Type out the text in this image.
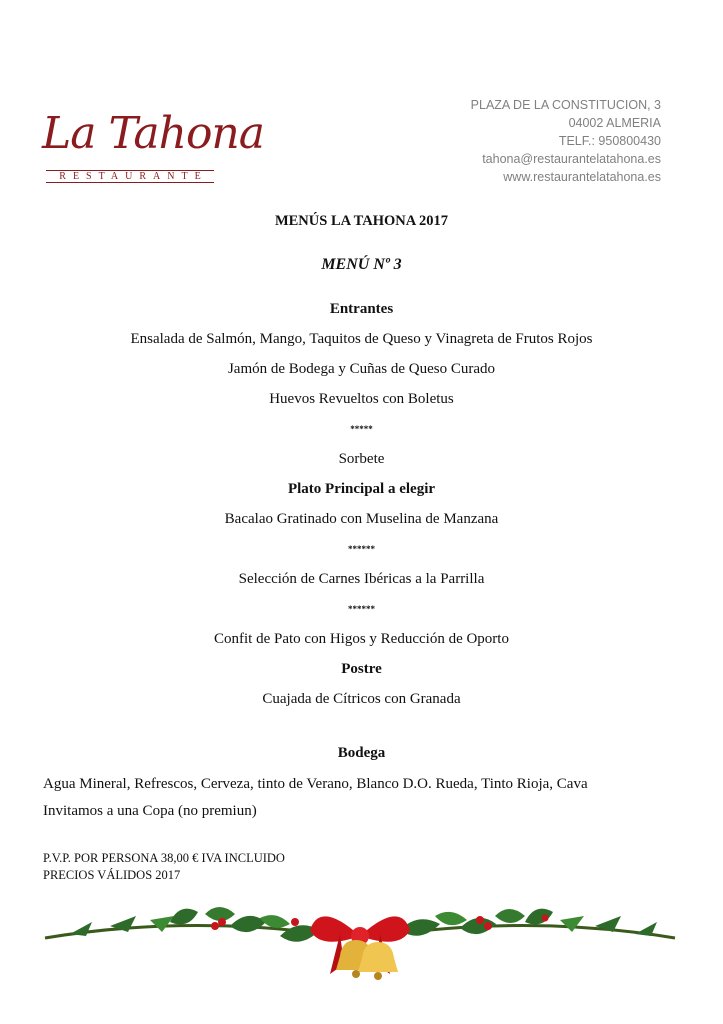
La Tahona
RESTAURANTE
PLAZA DE LA CONSTITUCION, 3
04002 ALMERIA
TELF.: 950800430
tahona@restaurantelatahona.es
www.restaurantelatahona.es
MENÚS LA TAHONA 2017
MENÚ Nº 3
Entrantes
Ensalada de Salmón, Mango, Taquitos de Queso y Vinagreta de Frutos Rojos
Jamón de Bodega y Cuñas de Queso Curado
Huevos Revueltos con Boletus
*****
Sorbete
Plato Principal a elegir
Bacalao Gratinado con Muselina de Manzana
******
Selección de Carnes Ibéricas a la Parrilla
******
Confit de Pato con Higos y Reducción de Oporto
Postre
Cuajada de Cítricos con Granada
Bodega
Agua Mineral, Refrescos, Cerveza, tinto de Verano, Blanco D.O. Rueda, Tinto Rioja, Cava
Invitamos a una Copa (no premiun)
P.V.P. POR PERSONA 38,00 € IVA INCLUIDO
PRECIOS VÁLIDOS 2017
